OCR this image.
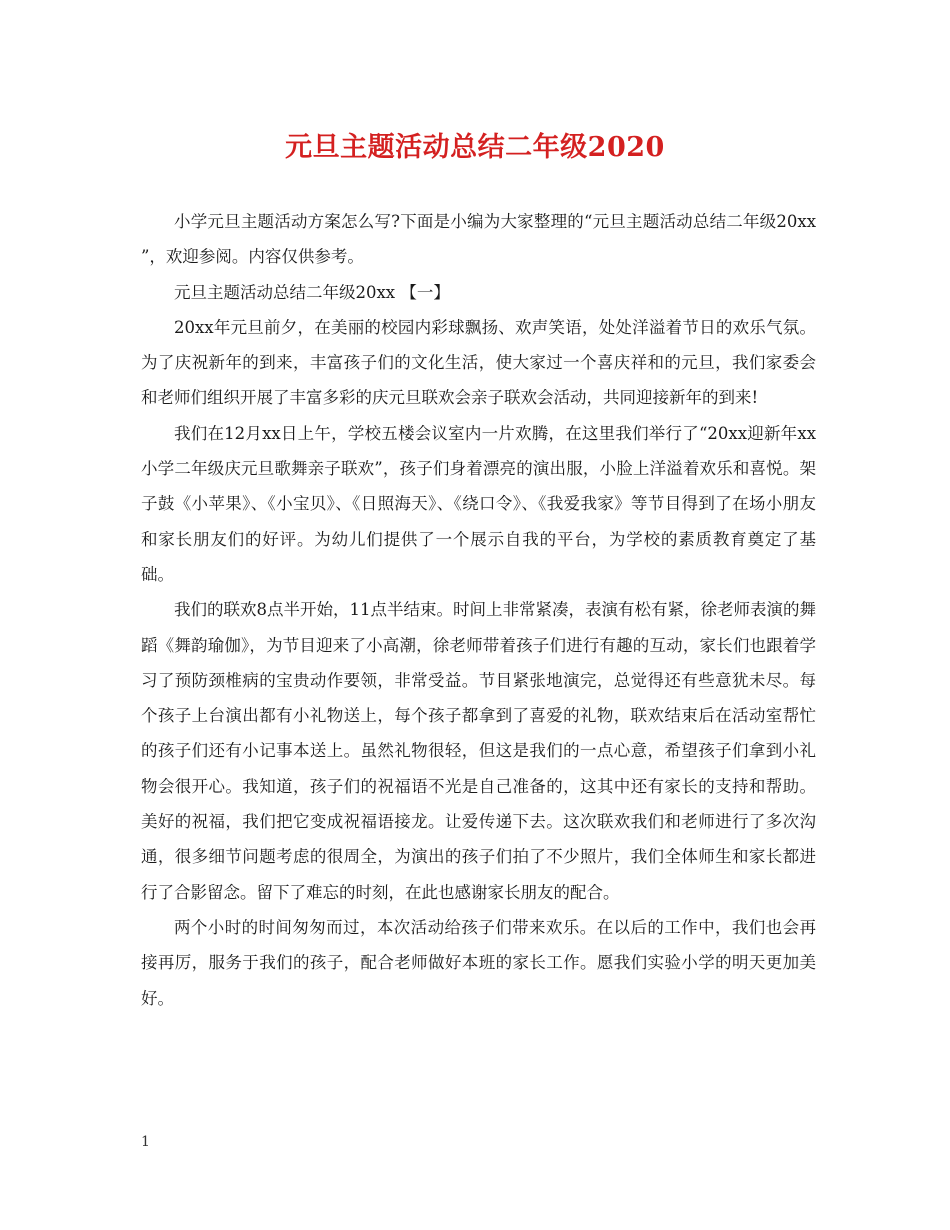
元旦主题活动总结二年级2020

小学元旦主题活动方案怎么写?下面是小编为大家整理的“元旦主题活动总结二年级20xx ”，欢迎参阅。内容仅供参考。

元旦主题活动总结二年级20xx 【一】

20xx年元旦前夕，在美丽的校园内彩球飘扬、欢声笑语，处处洋溢着节日的欢乐气氛。为了庆祝新年的到来，丰富孩子们的文化生活，使大家过一个喜庆祥和的元旦，我们家委会和老师们组织开展了丰富多彩的庆元旦联欢会亲子联欢会活动，共同迎接新年的到来!

我们在12月xx日上午，学校五楼会议室内一片欢腾，在这里我们举行了“20xx迎新年xx小学二年级庆元旦歌舞亲子联欢”，孩子们身着漂亮的演出服，小脸上洋溢着欢乐和喜悦。架子鼓《小苹果》、《小宝贝》、《日照海天》、《绕口令》、《我爱我家》等节目得到了在场小朋友和家长朋友们的好评。为幼儿们提供了一个展示自我的平台，为学校的素质教育奠定了基础。

我们的联欢8点半开始，11点半结束。时间上非常紧凑，表演有松有紧，徐老师表演的舞蹈《舞韵瑜伽》，为节目迎来了小高潮，徐老师带着孩子们进行有趣的互动，家长们也跟着学习了预防颈椎病的宝贵动作要领，非常受益。节目紧张地演完，总觉得还有些意犹未尽。每个孩子上台演出都有小礼物送上，每个孩子都拿到了喜爱的礼物，联欢结束后在活动室帮忙的孩子们还有小记事本送上。虽然礼物很轻，但这是我们的一点心意，希望孩子们拿到小礼物会很开心。我知道，孩子们的祝福语不光是自己准备的，这其中还有家长的支持和帮助。美好的祝福，我们把它变成祝福语接龙。让爱传递下去。这次联欢我们和老师进行了多次沟通，很多细节问题考虑的很周全，为演出的孩子们拍了不少照片，我们全体师生和家长都进行了合影留念。留下了难忘的时刻，在此也感谢家长朋友的配合。

两个小时的时间匆匆而过，本次活动给孩子们带来欢乐。在以后的工作中，我们也会再接再厉，服务于我们的孩子，配合老师做好本班的家长工作。愿我们实验小学的明天更加美好。

1
